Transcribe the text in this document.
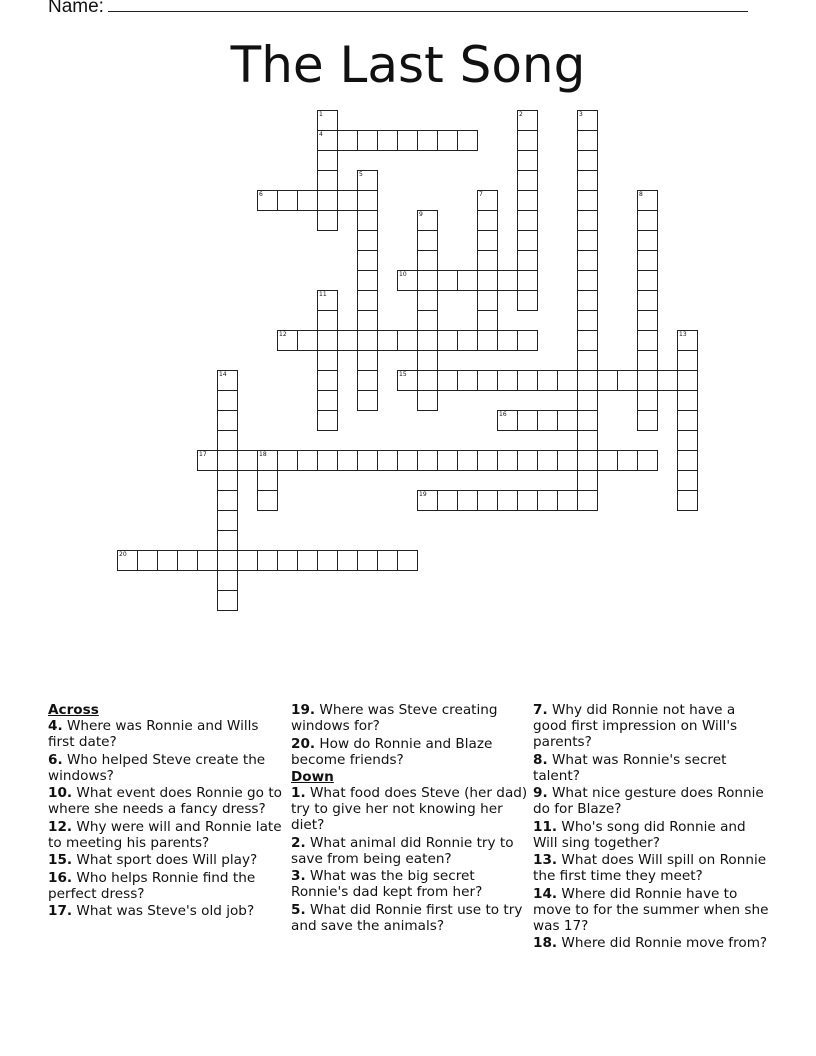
Name:
The Last Song
1
4
2	3
5
6	7	8
9
10
11
12	13
14	15
16
17	18
19
20
Across
4. Where was Ronnie and Wills first date?
6. Who helped Steve create the windows?
10. What event does Ronnie go to where she needs a fancy dress?
12. Why were will and Ronnie late to meeting his parents?
15. What sport does Will play?
16. Who helps Ronnie find the perfect dress?
17. What was Steve's old job?
19. Where was Steve creating windows for?
20. How do Ronnie and Blaze become friends?
Down
1. What food does Steve (her dad) try to give her not knowing her diet?
2. What animal did Ronnie try to save from being eaten?
3. What was the big secret Ronnie's dad kept from her?
5. What did Ronnie first use to try and save the animals?
7. Why did Ronnie not have a good first impression on Will's parents?
8. What was Ronnie's secret talent?
9. What nice gesture does Ronnie do for Blaze?
11. Who's song did Ronnie and Will sing together?
13. What does Will spill on Ronnie the first time they meet?
14. Where did Ronnie have to move to for the summer when she was 17?
18. Where did Ronnie move from?
